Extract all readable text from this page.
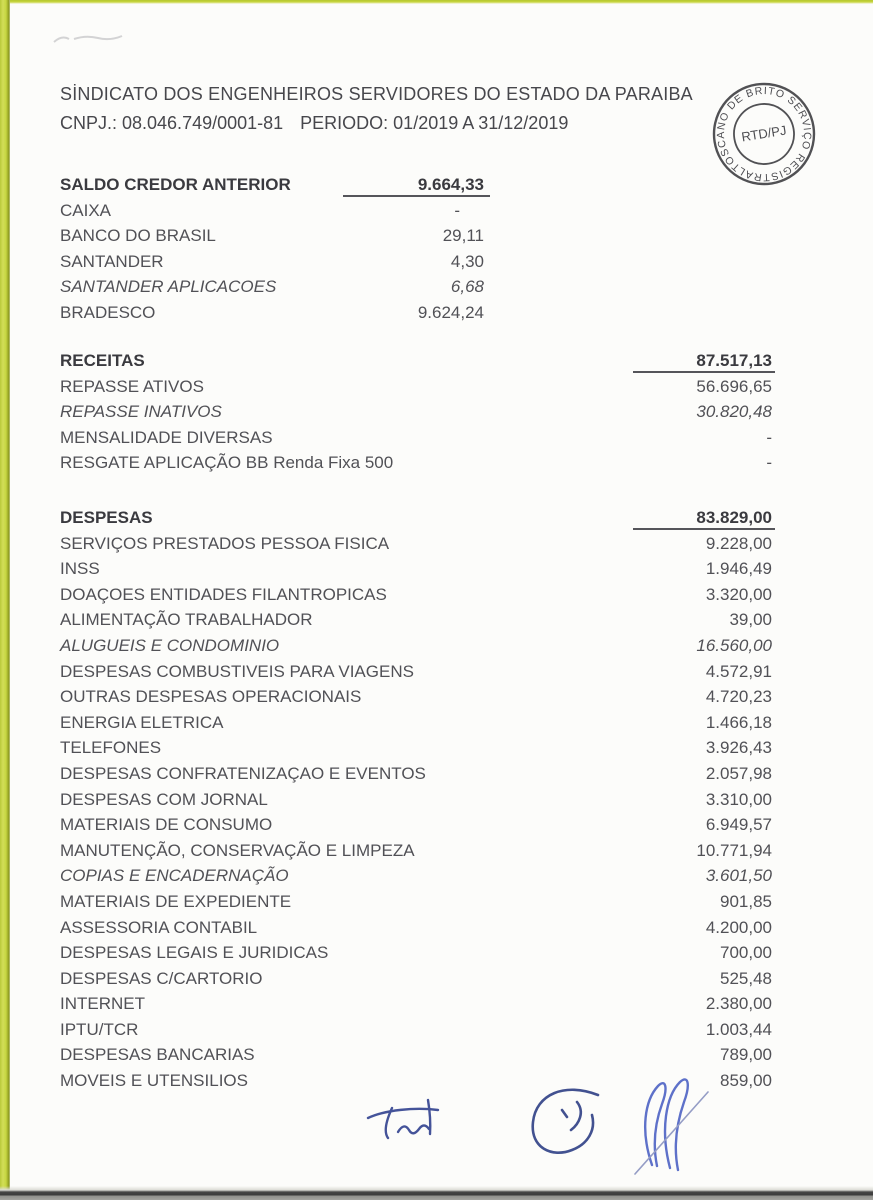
SİNDICATO DOS ENGENHEIROS SERVIDORES DO ESTADO DA PARAIBA
CNPJ.: 08.046.749/0001-81 PERIODO: 01/2019 A 31/12/2019
TOSCANO DE BRITO SERVIÇO REGISTRAL
RTD/PJ
SALDO CREDOR ANTERIOR	9.664,33
CAIXA	-
BANCO DO BRASIL	29,11
SANTANDER	4,30
SANTANDER APLICACOES	6,68
BRADESCO	9.624,24
RECEITAS	87.517,13
REPASSE ATIVOS	56.696,65
REPASSE INATIVOS	30.820,48
MENSALIDADE DIVERSAS	-
RESGATE APLICAÇÃO BB Renda Fixa 500	-
DESPESAS	83.829,00
SERVIÇOS PRESTADOS PESSOA FISICA	9.228,00
INSS	1.946,49
DOAÇOES ENTIDADES FILANTROPICAS	3.320,00
ALIMENTAÇÃO TRABALHADOR	39,00
ALUGUEIS E CONDOMINIO	16.560,00
DESPESAS COMBUSTIVEIS PARA VIAGENS	4.572,91
OUTRAS DESPESAS OPERACIONAIS	4.720,23
ENERGIA ELETRICA	1.466,18
TELEFONES	3.926,43
DESPESAS CONFRATENIZAÇAO E EVENTOS	2.057,98
DESPESAS COM JORNAL	3.310,00
MATERIAIS DE CONSUMO	6.949,57
MANUTENÇÃO, CONSERVAÇÃO E LIMPEZA	10.771,94
COPIAS E ENCADERNAÇÃO	3.601,50
MATERIAIS DE EXPEDIENTE	901,85
ASSESSORIA CONTABIL	4.200,00
DESPESAS LEGAIS E JURIDICAS	700,00
DESPESAS C/CARTORIO	525,48
INTERNET	2.380,00
IPTU/TCR	1.003,44
DESPESAS BANCARIAS	789,00
MOVEIS E UTENSILIOS	859,00
